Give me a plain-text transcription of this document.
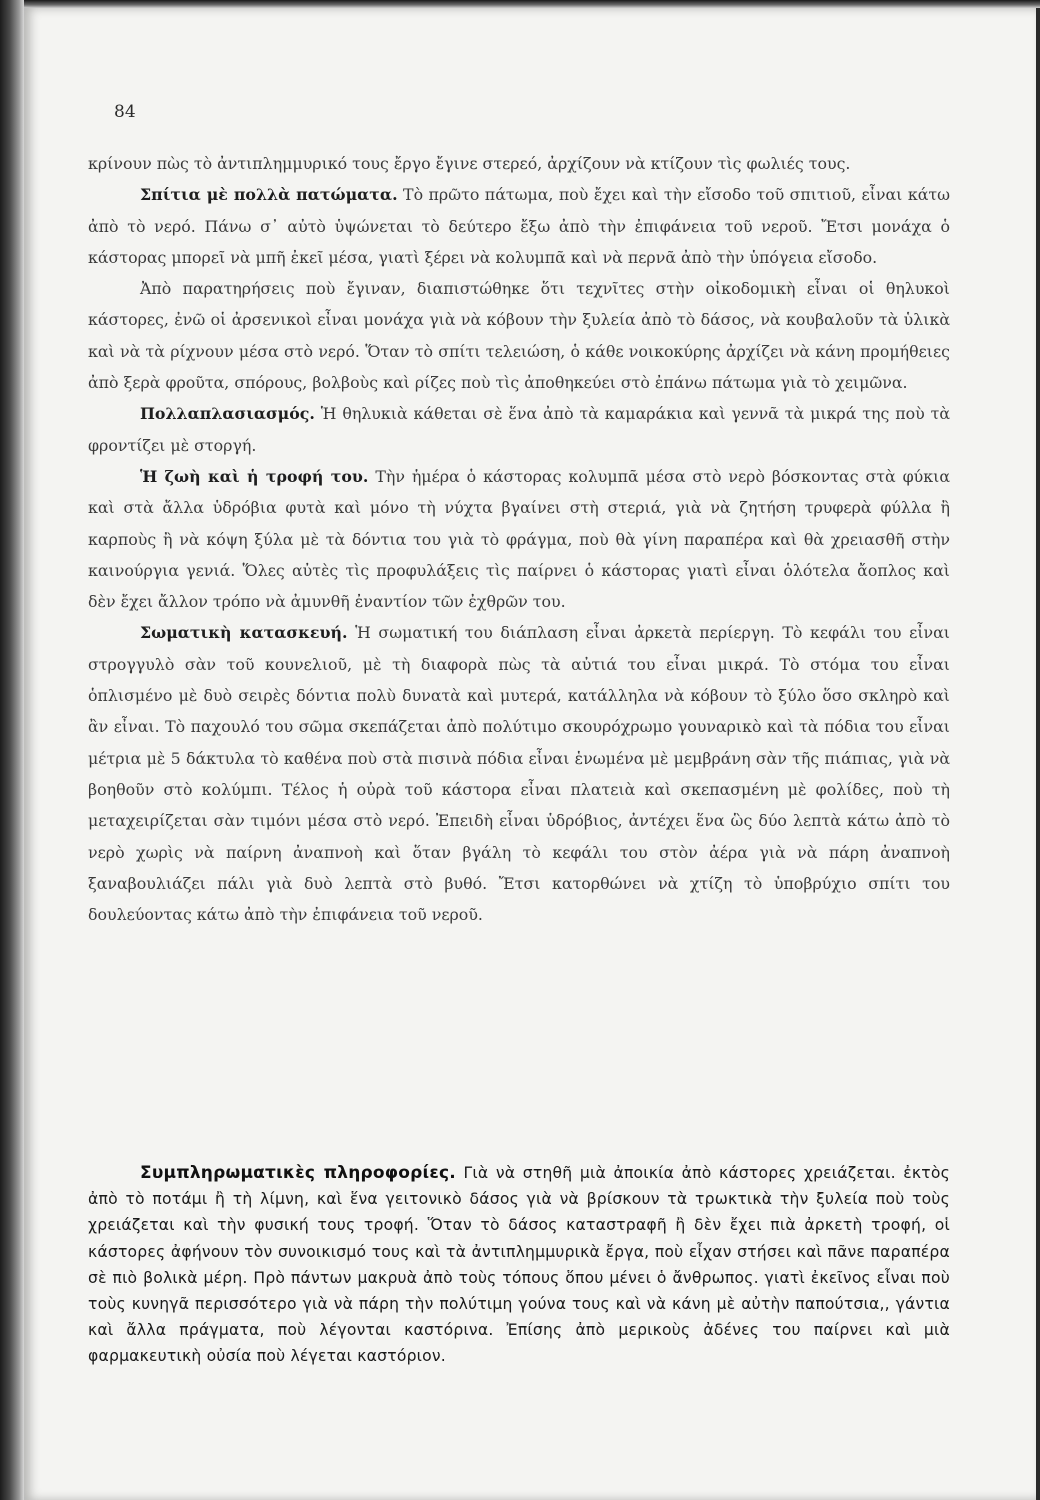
84

κρίνουν πὼς τὸ ἀντιπλημμυρικό τους ἔργο ἔγινε στερεό, ἀρχίζουν νὰ κτίζουν τὶς φωλιές τους.

Σπίτια μὲ πολλὰ πατώματα. Τὸ πρῶτο πάτωμα, ποὺ ἔχει καὶ τὴν εἴσοδο τοῦ σπιτιοῦ, εἶναι κάτω ἀπὸ τὸ νερό. Πάνω σ᾽ αὐτὸ ὑψώνεται τὸ δεύτερο ἔξω ἀπὸ τὴν ἐπιφάνεια τοῦ νεροῦ. Ἔτσι μονάχα ὁ κάστορας μπορεῖ νὰ μπῆ ἐκεῖ μέσα, γιατὶ ξέρει νὰ κολυμπᾶ καὶ νὰ περνᾶ ἀπὸ τὴν ὑπόγεια εἴσοδο.

Ἀπὸ παρατηρήσεις ποὺ ἔγιναν, διαπιστώθηκε ὅτι τεχνῖτες στὴν οἰκοδομικὴ εἶναι οἱ θηλυκοὶ κάστορες, ἐνῶ οἱ ἀρσενικοὶ εἶναι μονάχα γιὰ νὰ κόβουν τὴν ξυλεία ἀπὸ τὸ δάσος, νὰ κουβαλοῦν τὰ ὑλικὰ καὶ νὰ τὰ ρίχνουν μέσα στὸ νερό. Ὅταν τὸ σπίτι τελειώση, ὁ κάθε νοικοκύρης ἀρχίζει νὰ κάνη προμήθειες ἀπὸ ξερὰ φροῦτα, σπόρους, βολβοὺς καὶ ρίζες ποὺ τὶς ἀποθηκεύει στὸ ἐπάνω πάτωμα γιὰ τὸ χειμῶνα.

Πολλαπλασιασμός. Ἡ θηλυκιὰ κάθεται σὲ ἕνα ἀπὸ τὰ καμαράκια καὶ γεννᾶ τὰ μικρά της ποὺ τὰ φροντίζει μὲ στοργή.

Ἡ ζωὴ καὶ ἡ τροφή του. Τὴν ἡμέρα ὁ κάστορας κολυμπᾶ μέσα στὸ νερὸ βόσκοντας στὰ φύκια καὶ στὰ ἄλλα ὑδρόβια φυτὰ καὶ μόνο τὴ νύχτα βγαίνει στὴ στεριά, γιὰ νὰ ζητήση τρυφερὰ φύλλα ἢ καρποὺς ἢ νὰ κόψη ξύλα μὲ τὰ δόντια του γιὰ τὸ φράγμα, ποὺ θὰ γίνη παραπέρα καὶ θὰ χρειασθῆ στὴν καινούργια γενιά. Ὅλες αὐτὲς τὶς προφυλάξεις τὶς παίρνει ὁ κάστορας γιατὶ εἶναι ὁλότελα ἄοπλος καὶ δὲν ἔχει ἄλλον τρόπο νὰ ἀμυνθῆ ἐναντίον τῶν ἐχθρῶν του.

Σωματικὴ κατασκευή. Ἡ σωματική του διάπλαση εἶναι ἀρκετὰ περίεργη. Τὸ κεφάλι του εἶναι στρογγυλὸ σὰν τοῦ κουνελιοῦ, μὲ τὴ διαφορὰ πὼς τὰ αὐτιά του εἶναι μικρά. Τὸ στόμα του εἶναι ὁπλισμένο μὲ δυὸ σειρὲς δόντια πολὺ δυνατὰ καὶ μυτερά, κατάλληλα νὰ κόβουν τὸ ξύλο ὅσο σκληρὸ καὶ ἂν εἶναι. Τὸ παχουλό του σῶμα σκεπάζεται ἀπὸ πολύτιμο σκουρόχρωμο γουναρικὸ καὶ τὰ πόδια του εἶναι μέτρια μὲ 5 δάκτυλα τὸ καθένα ποὺ στὰ πισινὰ πόδια εἶναι ἑνωμένα μὲ μεμβράνη σὰν τῆς πιάπιας, γιὰ νὰ βοηθοῦν στὸ κολύμπι. Τέλος ἡ οὐρὰ τοῦ κάστορα εἶναι πλατειὰ καὶ σκεπασμένη μὲ φολίδες, ποὺ τὴ μεταχειρίζεται σὰν τιμόνι μέσα στὸ νερό. Ἐπειδὴ εἶναι ὑδρόβιος, ἀντέχει ἕνα ὣς δύο λεπτὰ κάτω ἀπὸ τὸ νερὸ χωρὶς νὰ παίρνη ἀναπνοὴ καὶ ὅταν βγάλη τὸ κεφάλι του στὸν ἀέρα γιὰ νὰ πάρη ἀναπνοὴ ξαναβουλιάζει πάλι γιὰ δυὸ λεπτὰ στὸ βυθό. Ἔτσι κατορθώνει νὰ χτίζη τὸ ὑποβρύχιο σπίτι του δουλεύοντας κάτω ἀπὸ τὴν ἐπιφάνεια τοῦ νεροῦ.

Συμπληρωματικὲς πληροφορίες. Γιὰ νὰ στηθῆ μιὰ ἀποικία ἀπὸ κάστορες χρειάζεται. ἐκτὸς ἀπὸ τὸ ποτάμι ἢ τὴ λίμνη, καὶ ἕνα γειτονικὸ δάσος γιὰ νὰ βρίσκουν τὰ τρωκτικὰ τὴν ξυλεία ποὺ τοὺς χρειάζεται καὶ τὴν φυσική τους τροφή. Ὅταν τὸ δάσος καταστραφῆ ἢ δὲν ἔχει πιὰ ἀρκετὴ τροφή, οἱ κάστορες ἀφήνουν τὸν συνοικισμό τους καὶ τὰ ἀντιπλημμυρικὰ ἔργα, ποὺ εἶχαν στήσει καὶ πᾶνε παραπέρα σὲ πιὸ βολικὰ μέρη. Πρὸ πάντων μακρυὰ ἀπὸ τοὺς τόπους ὅπου μένει ὁ ἄνθρωπος. γιατὶ ἐκεῖνος εἶναι ποὺ τοὺς κυνηγᾶ περισσότερο γιὰ νὰ πάρη τὴν πολύτιμη γούνα τους καὶ νὰ κάνη μὲ αὐτὴν παπούτσια,, γάντια καὶ ἄλλα πράγματα, ποὺ λέγονται καστόρινα. Ἐπίσης ἀπὸ μερικοὺς ἀδένες του παίρνει καὶ μιὰ φαρμακευτικὴ οὐσία ποὺ λέγεται καστόριον.
